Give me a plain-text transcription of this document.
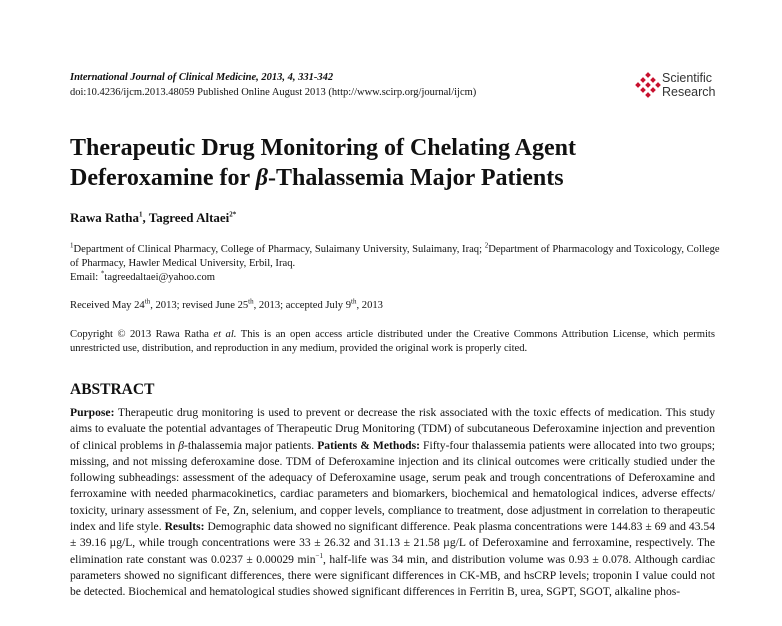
International Journal of Clinical Medicine, 2013, 4, 331-342
doi:10.4236/ijcm.2013.48059 Published Online August 2013 (http://www.scirp.org/journal/ijcm)
Scientific
Research
Therapeutic Drug Monitoring of Chelating Agent
Deferoxamine for β-Thalassemia Major Patients
Rawa Ratha$^1$, Tagreed Altaei$^{2*}$
$^1$Department of Clinical Pharmacy, College of Pharmacy, Sulaimany University, Sulaimany, Iraq; $^2$Department of Pharmacology and Toxicology, College of Pharmacy, Hawler Medical University, Erbil, Iraq.
Email: *tagreedaltaei@yahoo.com
Received May 24th, 2013; revised June 25th, 2013; accepted July 9th, 2013
Copyright © 2013 Rawa Ratha et al. This is an open access article distributed under the Creative Commons Attribution License, which permits unrestricted use, distribution, and reproduction in any medium, provided the original work is properly cited.
ABSTRACT
Purpose: Therapeutic drug monitoring is used to prevent or decrease the risk associated with the toxic effects of medication. This study aims to evaluate the potential advantages of Therapeutic Drug Monitoring (TDM) of subcutaneous Deferoxamine injection and prevention of clinical problems in β-thalassemia major patients. Patients & Methods: Fifty-four thalassemia patients were allocated into two groups; missing, and not missing deferoxamine dose. TDM of Deferoxamine injection and its clinical outcomes were critically studied under the following subheadings: assessment of the adequacy of Deferoxamine usage, serum peak and trough concentrations of Deferoxamine and ferroxamine with needed pharmacokinetics, cardiac parameters and biomarkers, biochemical and hematological indices, adverse effects/ toxicity, urinary assessment of Fe, Zn, selenium, and copper levels, compliance to treatment, dose adjustment in correlation to therapeutic index and life style. Results: Demographic data showed no significant difference. Peak plasma concentrations were 144.83 ± 69 and 43.54 ± 39.16 µg/L, while trough concentrations were 33 ± 26.32 and 31.13 ± 21.58 µg/L of Deferoxamine and ferroxamine, respectively. The elimination rate constant was 0.0237 ± 0.00029 $\min^{-1}$, half-life was 34 min, and distribution volume was 0.93 ± 0.078. Although cardiac parameters showed no significant differences, there were significant differences in CK-MB, and hsCRP levels; troponin I value could not be detected. Biochemical and hematological studies showed significant differences in Ferritin B, urea, SGPT, SGOT, alkaline phos-
